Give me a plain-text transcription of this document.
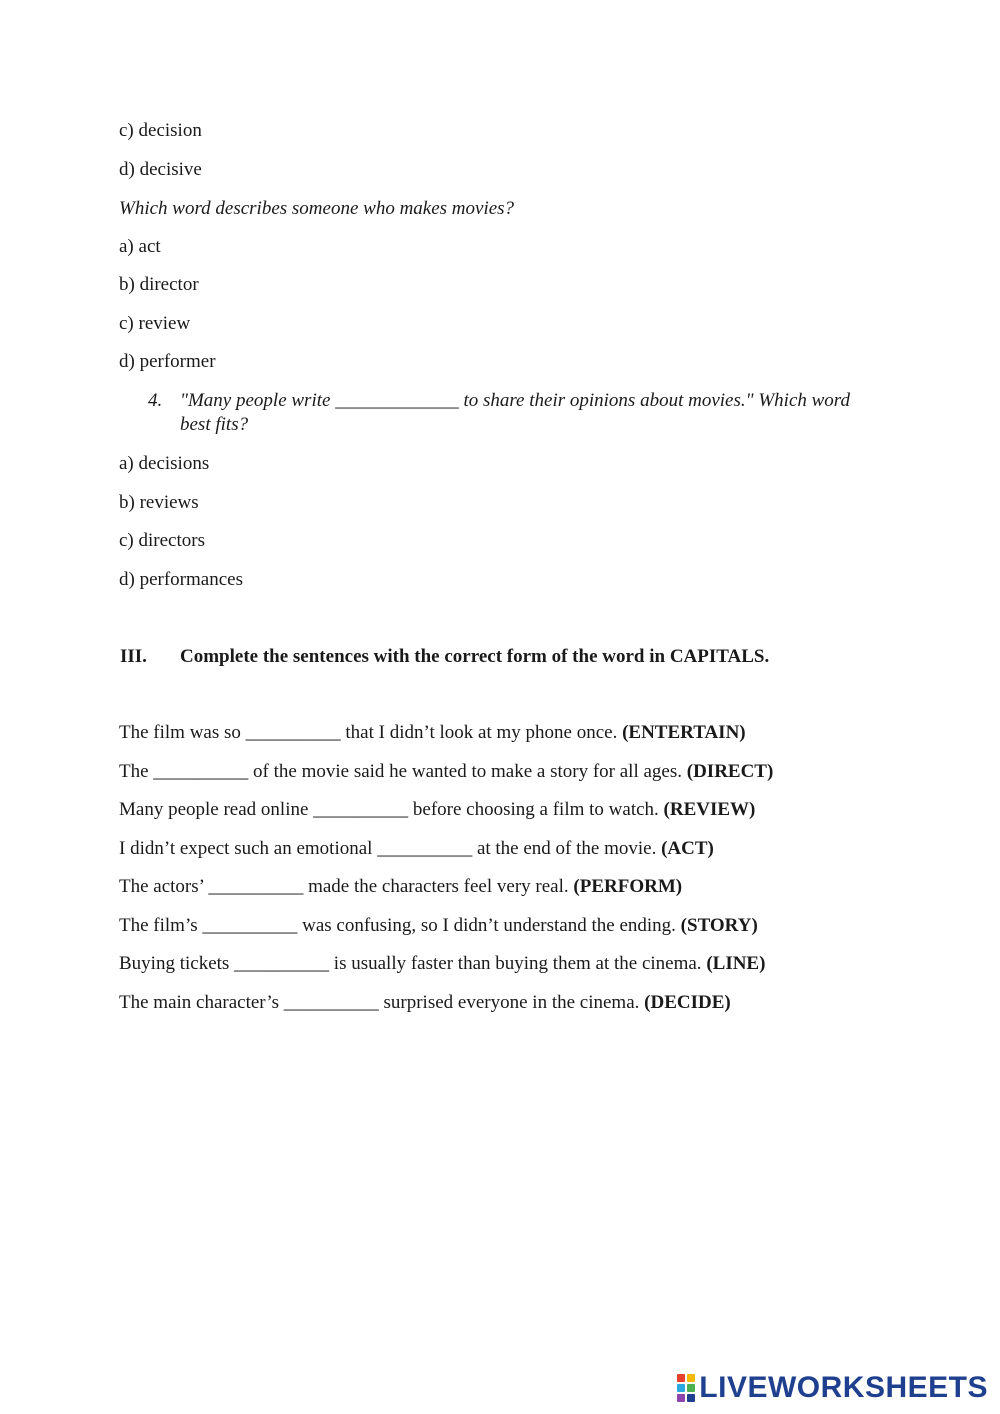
c) decision
d) decisive
Which word describes someone who makes movies?
a) act
b) director
c) review
d) performer
4. "Many people write _____________ to share their opinions about movies." Which word best fits?
a) decisions
b) reviews
c) directors
d) performances
III. Complete the sentences with the correct form of the word in CAPITALS.
The film was so __________ that I didn’t look at my phone once. (ENTERTAIN)
The __________ of the movie said he wanted to make a story for all ages. (DIRECT)
Many people read online __________ before choosing a film to watch. (REVIEW)
I didn’t expect such an emotional __________ at the end of the movie. (ACT)
The actors’ __________ made the characters feel very real. (PERFORM)
The film’s __________ was confusing, so I didn’t understand the ending. (STORY)
Buying tickets __________ is usually faster than buying them at the cinema. (LINE)
The main character’s __________ surprised everyone in the cinema. (DECIDE)
LIVEWORKSHEETS
